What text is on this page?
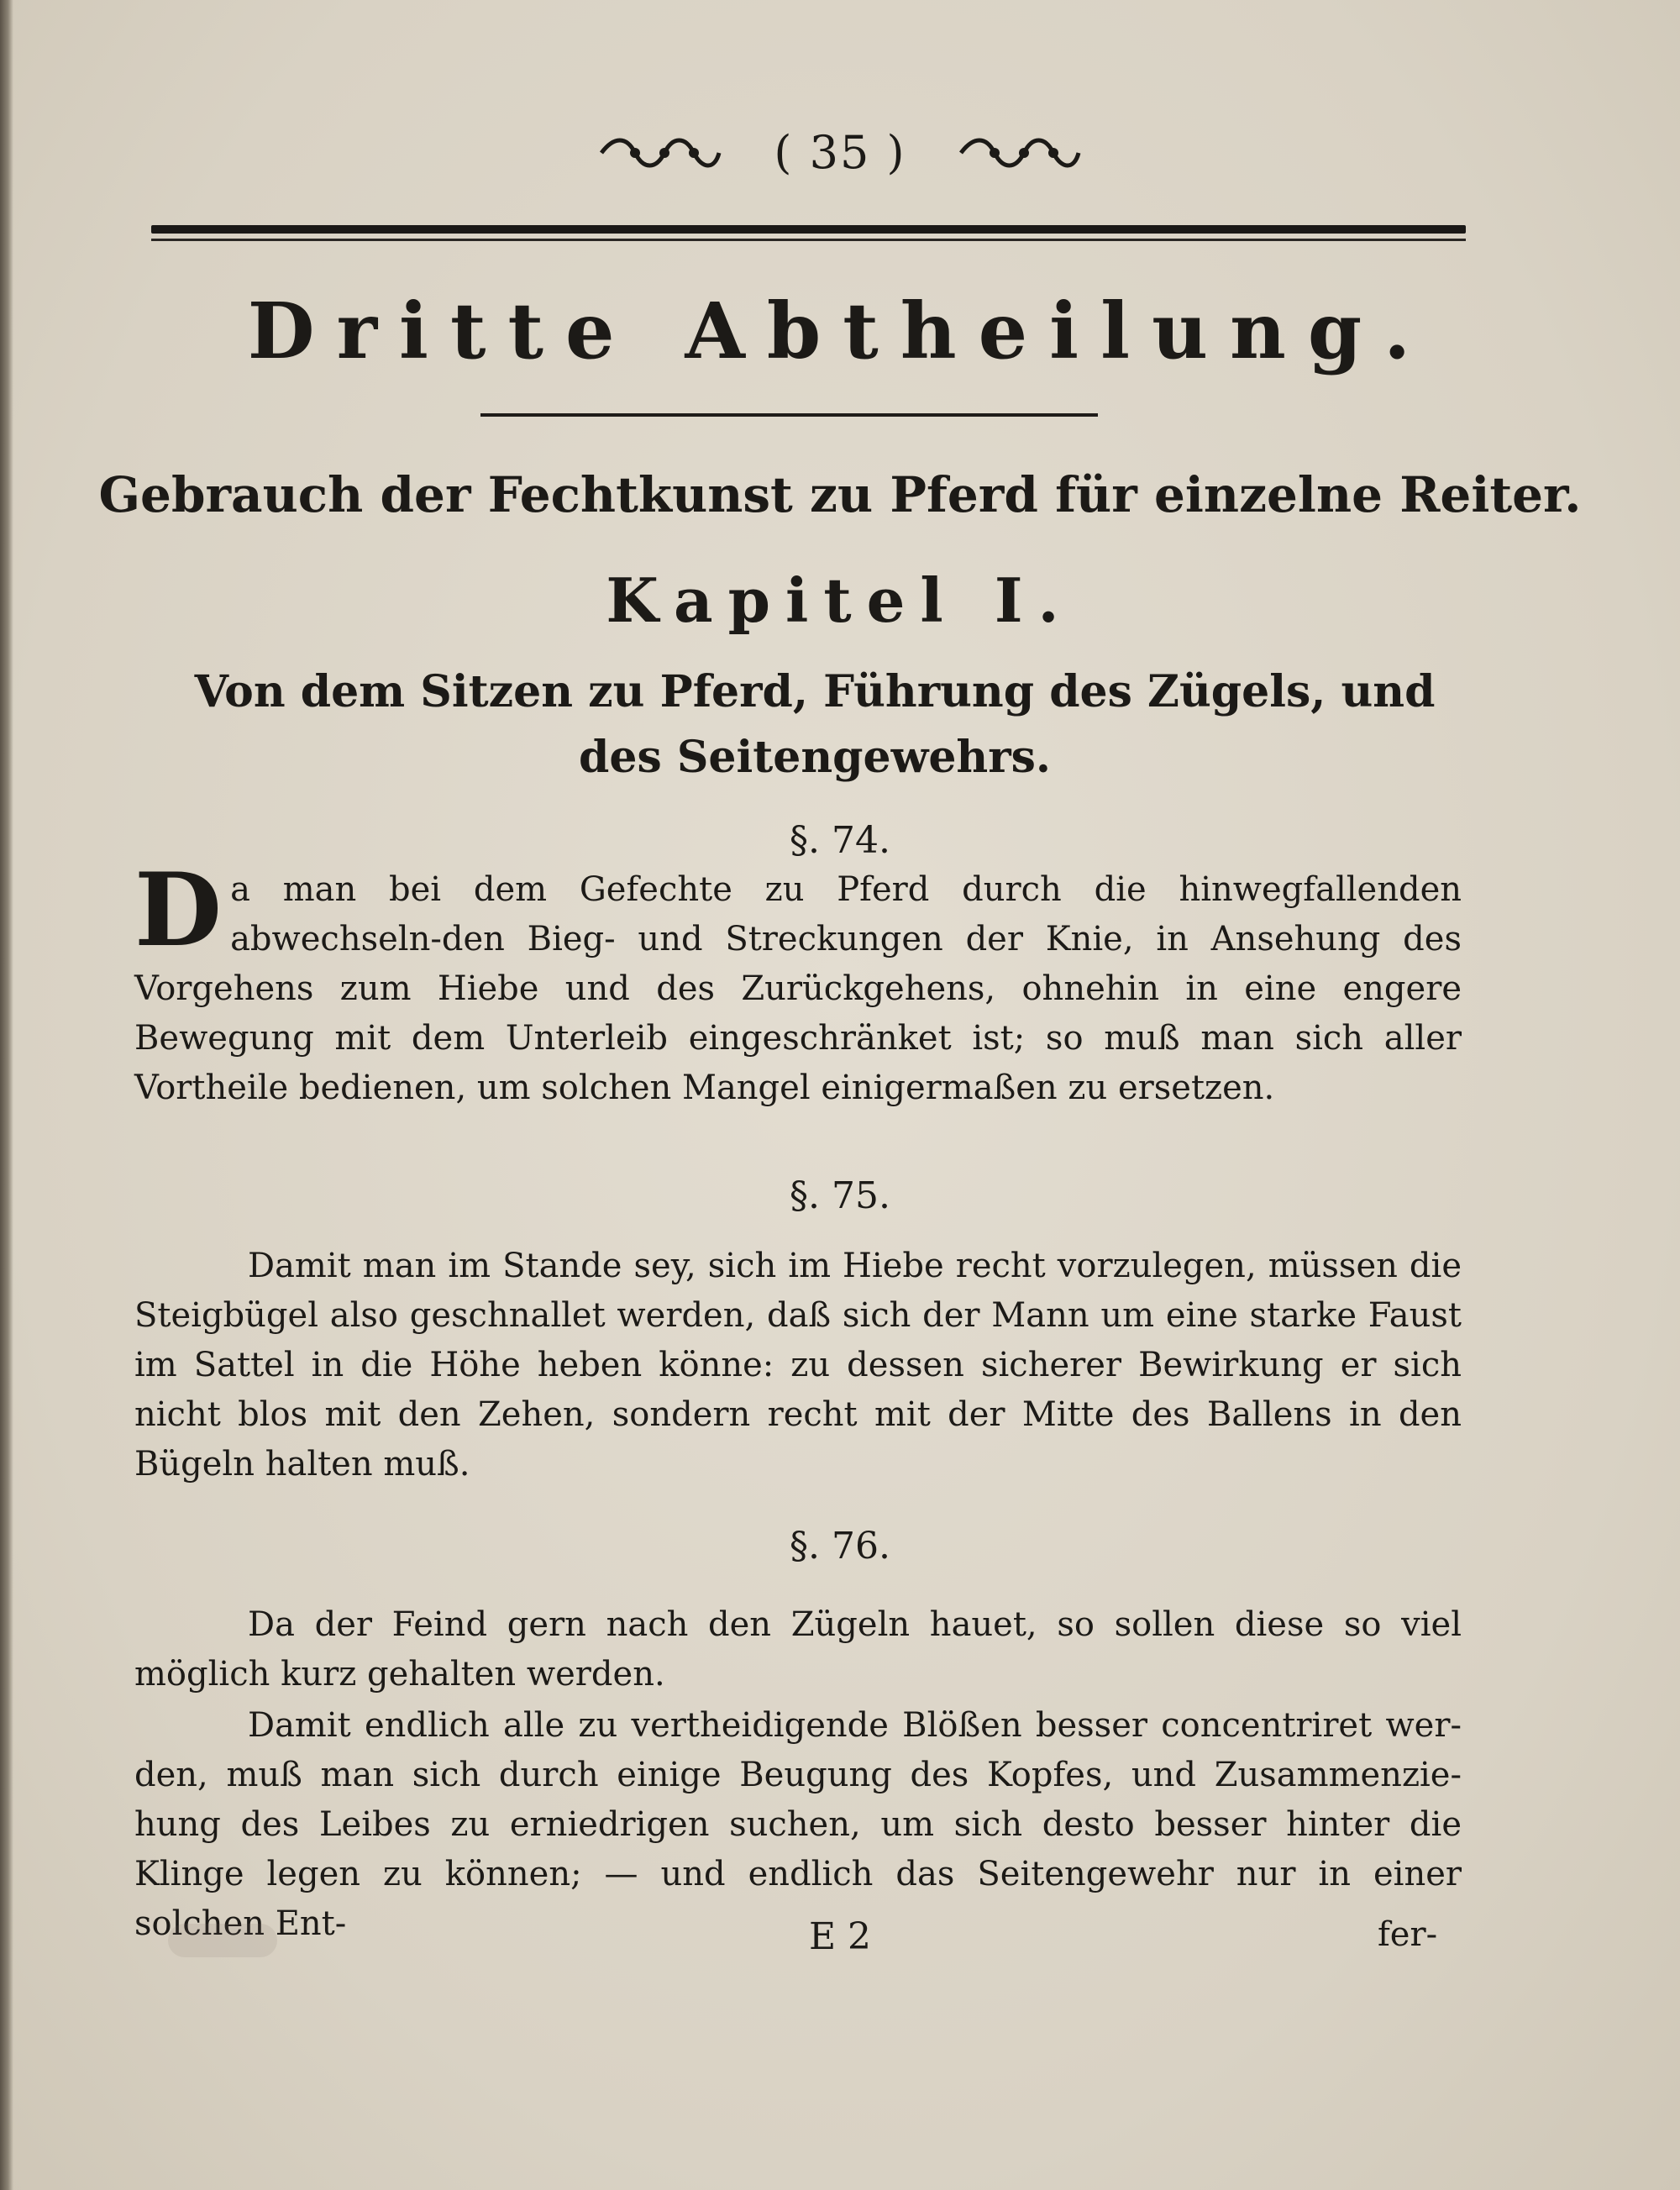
( 35 )
Dritte Abtheilung.
Gebrauch der Fechtkunst zu Pferd für einzelne Reiter.
Kapitel I.
Von dem Sitzen zu Pferd, Führung des Zügels, und des Seitengewehrs.
§. 74.
D a man bei dem Gefechte zu Pferd durch die hinwegfallenden abwechseln-den Bieg- und Streckungen der Knie, in Ansehung des Vorgehens zum Hiebe und des Zurückgehens, ohnehin in eine engere Bewegung mit dem Unterleib eingeschränket ist; so muß man sich aller Vortheile bedienen, um solchen Mangel einigermaßen zu ersetzen.
§. 75.
Damit man im Stande sey, sich im Hiebe recht vorzulegen, müssen die Steigbügel also geschnallet werden, daß sich der Mann um eine starke Faust im Sattel in die Höhe heben könne: zu dessen sicherer Bewirkung er sich nicht blos mit den Zehen, sondern recht mit der Mitte des Ballens in den Bügeln halten muß.
§. 76.
Da der Feind gern nach den Zügeln hauet, so sollen diese so viel möglich kurz gehalten werden.
Damit endlich alle zu vertheidigende Blößen besser concentriret wer-den, muß man sich durch einige Beugung des Kopfes, und Zusammenzie-hung des Leibes zu erniedrigen suchen, um sich desto besser hinter die Klinge legen zu können; — und endlich das Seitengewehr nur in einer solchen Ent-	E 2	fer-
